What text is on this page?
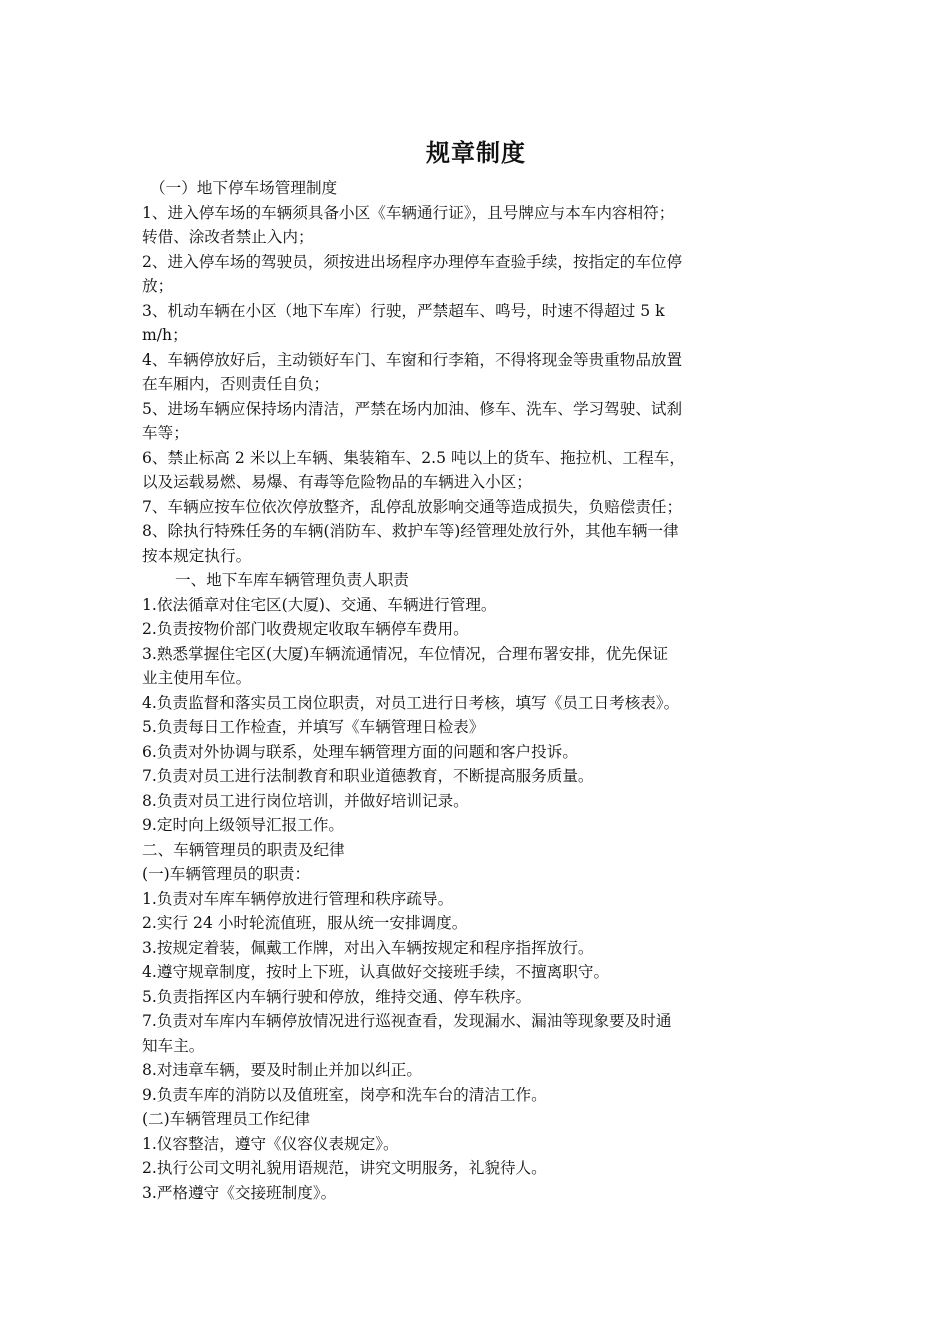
规章制度

（一）地下停车场管理制度

1、进入停车场的车辆须具备小区《车辆通行证》，且号牌应与本车内容相符；

转借、涂改者禁止入内；

2、进入停车场的驾驶员，须按进出场程序办理停车查验手续，按指定的车位停

放；

3、机动车辆在小区（地下车库）行驶，严禁超车、鸣号，时速不得超过 5 k

m/h；

4、车辆停放好后，主动锁好车门、车窗和行李箱，不得将现金等贵重物品放置

在车厢内，否则责任自负；

5、进场车辆应保持场内清洁，严禁在场内加油、修车、洗车、学习驾驶、试刹

车等；

6、禁止标高 2 米以上车辆、集装箱车、2.5 吨以上的货车、拖拉机、工程车，

以及运载易燃、易爆、有毒等危险物品的车辆进入小区；

7、车辆应按车位依次停放整齐，乱停乱放影响交通等造成损失，负赔偿责任；

8、除执行特殊任务的车辆(消防车、救护车等)经管理处放行外，其他车辆一律

按本规定执行。

一、地下车库车辆管理负责人职责

1.依法循章对住宅区(大厦)、交通、车辆进行管理。

2.负责按物价部门收费规定收取车辆停车费用。

3.熟悉掌握住宅区(大厦)车辆流通情况，车位情况，合理布署安排，优先保证

业主使用车位。

4.负责监督和落实员工岗位职责，对员工进行日考核，填写《员工日考核表》。

5.负责每日工作检查，并填写《车辆管理日检表》

6.负责对外协调与联系，处理车辆管理方面的问题和客户投诉。

7.负责对员工进行法制教育和职业道德教育，不断提高服务质量。

8.负责对员工进行岗位培训，并做好培训记录。

9.定时向上级领导汇报工作。

二、车辆管理员的职责及纪律

(一)车辆管理员的职责：

1.负责对车库车辆停放进行管理和秩序疏导。

2.实行 24 小时轮流值班，服从统一安排调度。

3.按规定着装，佩戴工作牌，对出入车辆按规定和程序指挥放行。

4.遵守规章制度，按时上下班，认真做好交接班手续，不擅离职守。

5.负责指挥区内车辆行驶和停放，维持交通、停车秩序。

7.负责对车库内车辆停放情况进行巡视查看，发现漏水、漏油等现象要及时通

知车主。

8.对违章车辆，要及时制止并加以纠正。

9.负责车库的消防以及值班室，岗亭和洗车台的清洁工作。

(二)车辆管理员工作纪律

1.仪容整洁，遵守《仪容仪表规定》。

2.执行公司文明礼貌用语规范，讲究文明服务，礼貌待人。

3.严格遵守《交接班制度》。
